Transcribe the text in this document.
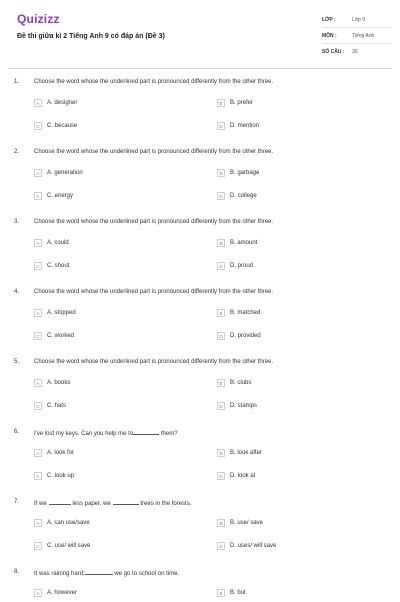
Quizizz
Đề thi giữa kì 2 Tiếng Anh 9 có đáp án (Đề 3)
LỚP :	Lớp 9
MÔN :	Tiếng Anh
SỐ CÂU :	30
1. Choose the word whose the underlined part is pronounced differently from the other three.
A	A. designer	B	B. prefer
C	C. because	D	D. mention
2. Choose the word whose the underlined part is pronounced differently from the other three.
A	A. generation	B	B. garbage
C	C. energy	D	D. college
3. Choose the word whose the underlined part is pronounced differently from the other three.
A	A. could	B	B. amount
C	C. shout	D	D. proud
4. Choose the word whose the underlined part is pronounced differently from the other three.
A	A. stopped	B	B. matched
C	C. worked	D	D. provided
5. Choose the word whose the underlined part is pronounced differently from the other three.
A	A. books	B	B. clubs
C	C. hats	D	D. stamps
6. I've lost my keys. Can you help me to	them?
A	A. look for	B	B. look after
C	C. look up	D	D. look at
7. If we	less paper, we	trees in the forests.
A	A. can use/save	B	B. use/ save
C	C. use/ will save	D	D. uses/ will save
8. It was raining hard;	we go to school on time.
A	A. however	B	B. but
